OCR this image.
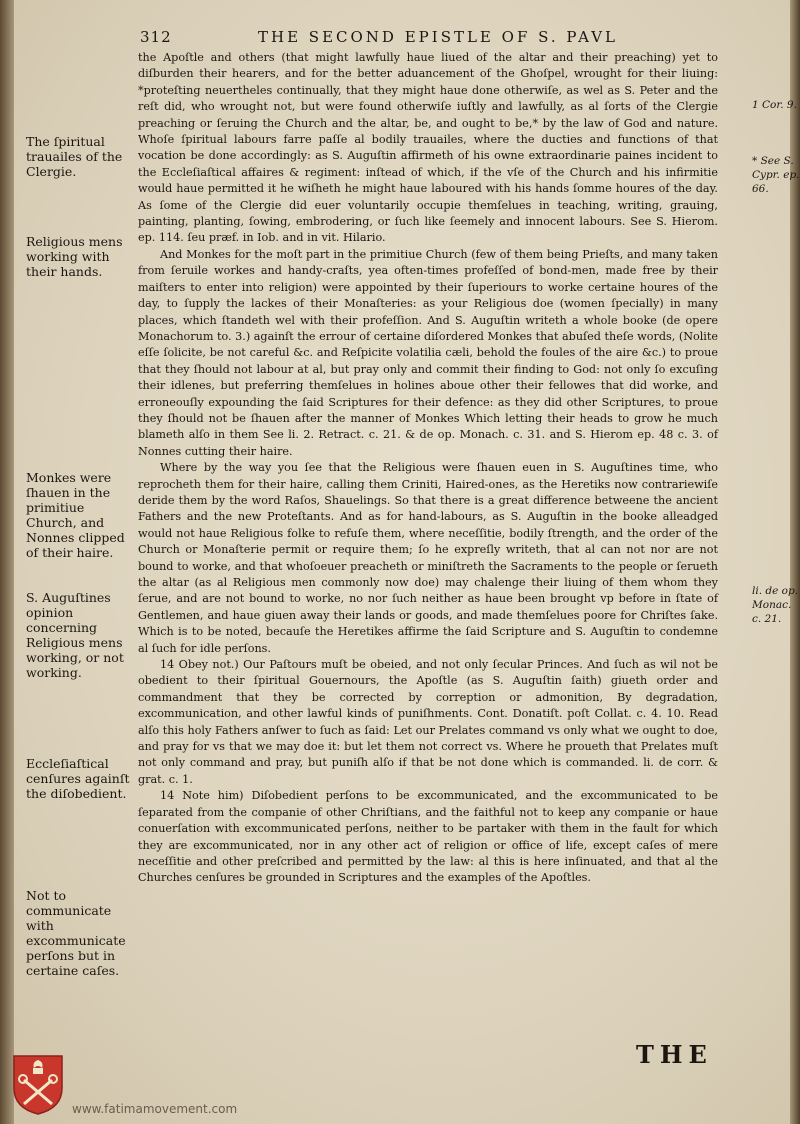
312	THE SECOND EPISTLE OF S. PAVL
The ſpiritual trauailes of the Clergie.
Religious mens working with their hands.
Monkes were ſhauen in the primitiue Church, and Nonnes clipped of their haire.
S. Auguſtines opinion concerning Religious mens working, or not working.
Eccleſiaſtical cenſures againſt the diſobedient.
Not to communicate with excommunicate perſons but in certaine caſes.
1 Cor. 9.
* See S. Cypr. ep. 66.
li. de op. Monac. c. 21.

the Apoſtle and others (that might lawfully haue liued of the altar and their preaching) yet to diſburden their hearers, and for the better aduancement of the Ghoſpel, wrought for their liuing: *proteſting neuertheles continually, that they might haue done otherwiſe, as wel as S. Peter and the reſt did, who wrought not, but were found otherwiſe iuſtly and lawfully, as al ſorts of the Clergie preaching or ſeruing the Church and the altar, be, and ought to be,* by the law of God and nature. Whoſe ſpiritual labours farre paſſe al bodily trauailes, where the ducties and functions of that vocation be done accordingly: as S. Auguſtin affirmeth of his owne extraordinarie paines incident to the Eccleſiaſtical affaires & regiment: inſtead of which, if the vſe of the Church and his infirmitie would haue permitted it he wiſheth he might haue laboured with his hands ſomme houres of the day. As ſome of the Clergie did euer voluntarily occupie themſelues in teaching, writing, grauing, painting, planting, ſowing, embrodering, or ſuch like ſeemely and innocent labours. See S. Hierom. ep. 114. ſeu præf. in Iob. and in vit. Hilario.

And Monkes for the moſt part in the primitiue Church (few of them being Prieſts, and many taken from ſeruile workes and handy-craſts, yea often-times profeſſed of bond-men, made free by their maiſters to enter into religion) were appointed by their ſuperiours to worke certaine houres of the day, to ſupply the lackes of their Monaſteries: as your Religious doe (women ſpecially) in many places, which ſtandeth wel with their profeſſion. And S. Auguſtin writeth a whole booke (de opere Monachorum to. 3.) againſt the errour of certaine diſordered Monkes that abuſed theſe words, (Nolite eſſe ſolicite, be not careful &c. and Reſpicite volatilia cæli, behold the foules of the aire &c.) to proue that they ſhould not labour at al, but pray only and commit their finding to God: not only ſo excuſing their idlenes, but preferring themſelues in holines aboue other their fellowes that did worke, and erroneouſly expounding the ſaid Scriptures for their defence: as they did other Scriptures, to proue they ſhould not be ſhauen after the manner of Monkes Which letting their heads to grow he much blameth alſo in them See li. 2. Retract. c. 21. & de op. Monach. c. 31. and S. Hierom ep. 48 c. 3. of Nonnes cutting their haire.

Where by the way you ſee that the Religious were ſhauen euen in S. Auguſtines time, who reprocheth them for their haire, calling them Criniti, Haired-ones, as the Heretiks now contrariewiſe deride them by the word Raſos, Shauelings. So that there is a great difference betweene the ancient Fathers and the new Proteſtants. And as for hand-labours, as S. Auguſtin in the booke alleadged would not haue Religious folke to refuſe them, where neceſſitie, bodily ſtrength, and the order of the Church or Monaſterie permit or require them; ſo he expreſly writeth, that al can not nor are not bound to worke, and that whoſoeuer preacheth or miniſtreth the Sacraments to the people or ſerueth the altar (as al Religious men commonly now doe) may chalenge their liuing of them whom they ſerue, and are not bound to worke, no nor ſuch neither as haue been brought vp before in ſtate of Gentlemen, and haue giuen away their lands or goods, and made themſelues poore for Chriſtes ſake. Which is to be noted, becauſe the Heretikes affirme the ſaid Scripture and S. Auguſtin to condemne al ſuch for idle perſons.

14 Obey not.) Our Paſtours muſt be obeied, and not only ſecular Princes. And ſuch as wil not be obedient to their ſpiritual Gouernours, the Apoſtle (as S. Auguſtin ſaith) giueth order and commandment that they be corrected by correption or admonition, By degradation, excommunication, and other lawful kinds of puniſhments. Cont. Donatiſt. poſt Collat. c. 4. 10. Read alſo this holy Fathers anſwer to ſuch as ſaid: Let our Prelates command vs only what we ought to doe, and pray for vs that we may doe it: but let them not correct vs. Where he proueth that Prelates muſt not only command and pray, but puniſh alſo if that be not done which is commanded. li. de corr. & grat. c. 1.

14 Note him) Diſobedient perſons to be excommunicated, and the excommunicated to be ſeparated from the companie of other Chriſtians, and the faithful not to keep any companie or haue conuerſation with excommunicated perſons, neither to be partaker with them in the fault for which they are excommunicated, nor in any other act of religion or office of life, except caſes of mere neceſſitie and other preſcribed and permitted by the law: al this is here inſinuated, and that al the Churches cenſures be grounded in Scriptures and the examples of the Apoſtles.

THE
www.fatimamovement.com
